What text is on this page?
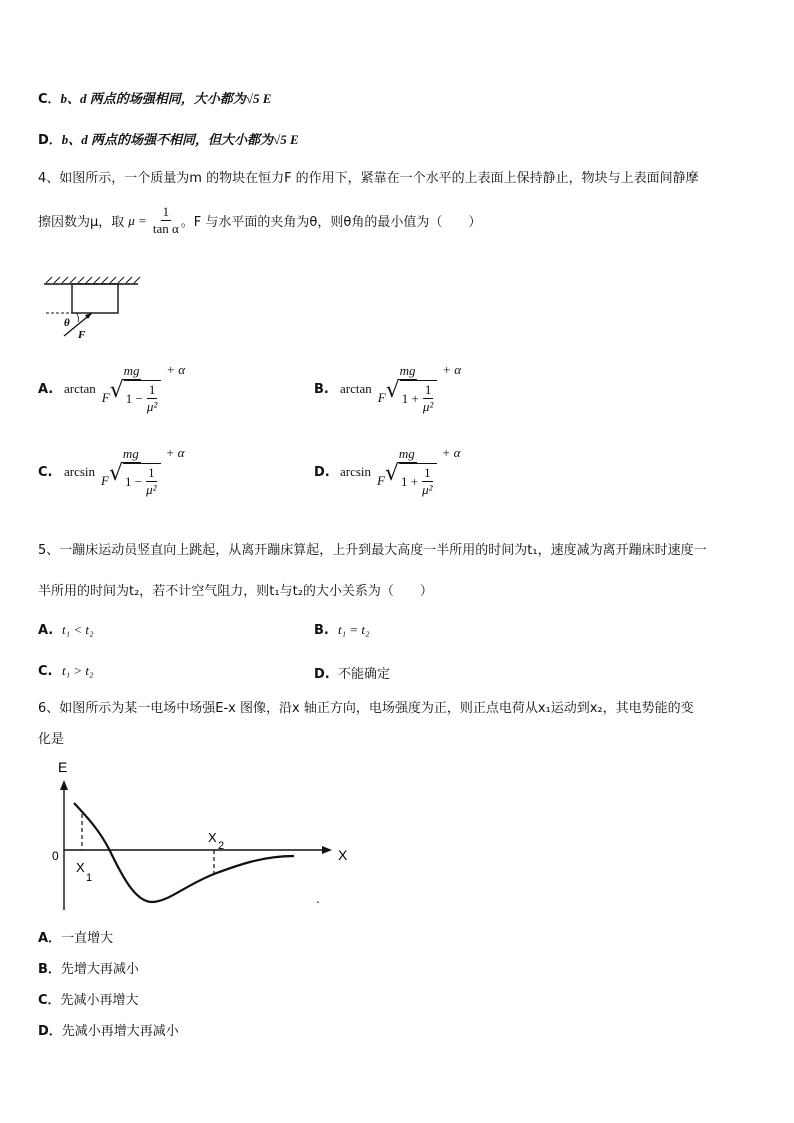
C．b、d 两点的场强相同，大小都为√5 E
D．b、d 两点的场强不相同，但大小都为√5 E
4、如图所示，一个质量为m 的物块在恒力F 的作用下，紧靠在一个水平的上表面上保持静止，物块与上表面间静摩
擦因数为μ，取 $\mu = \frac{1}{\text{tan α}}$ 。F 与水平面的夹角为θ，则θ角的最小值为（　　）
θ
F
A. $\arctan \frac{mg}{F √ 1 - \frac{1}{\text{μ²}}} + \alpha$
B. $\arctan \frac{mg}{F √ 1 + \frac{1}{\text{μ²}}} + \alpha$
C. $\arcsin \frac{mg}{F √ 1 - \frac{1}{\text{μ²}}} + \alpha$
D. $\arcsin \frac{mg}{F √ 1 + \frac{1}{\text{μ²}}} + \alpha$
5、一蹦床运动员竖直向上跳起，从离开蹦床算起，上升到最大高度一半所用的时间为t₁，速度减为离开蹦床时速度一
半所用的时间为t₂，若不计空气阻力，则t₁与t₂的大小关系为（　　）
A. t₁ < t₂	B. t₁ = t₂
C. t₁ > t₂	D. 不能确定
6、如图所示为某一电场中场强E-x 图像，沿x 轴正方向，电场强度为正，则正点电荷从x₁运动到x₂，其电势能的变
化是
E
X
0
X
1
X
2
.
A．一直增大
B．先增大再减小
C．先减小再增大
D．先减小再增大再减小
